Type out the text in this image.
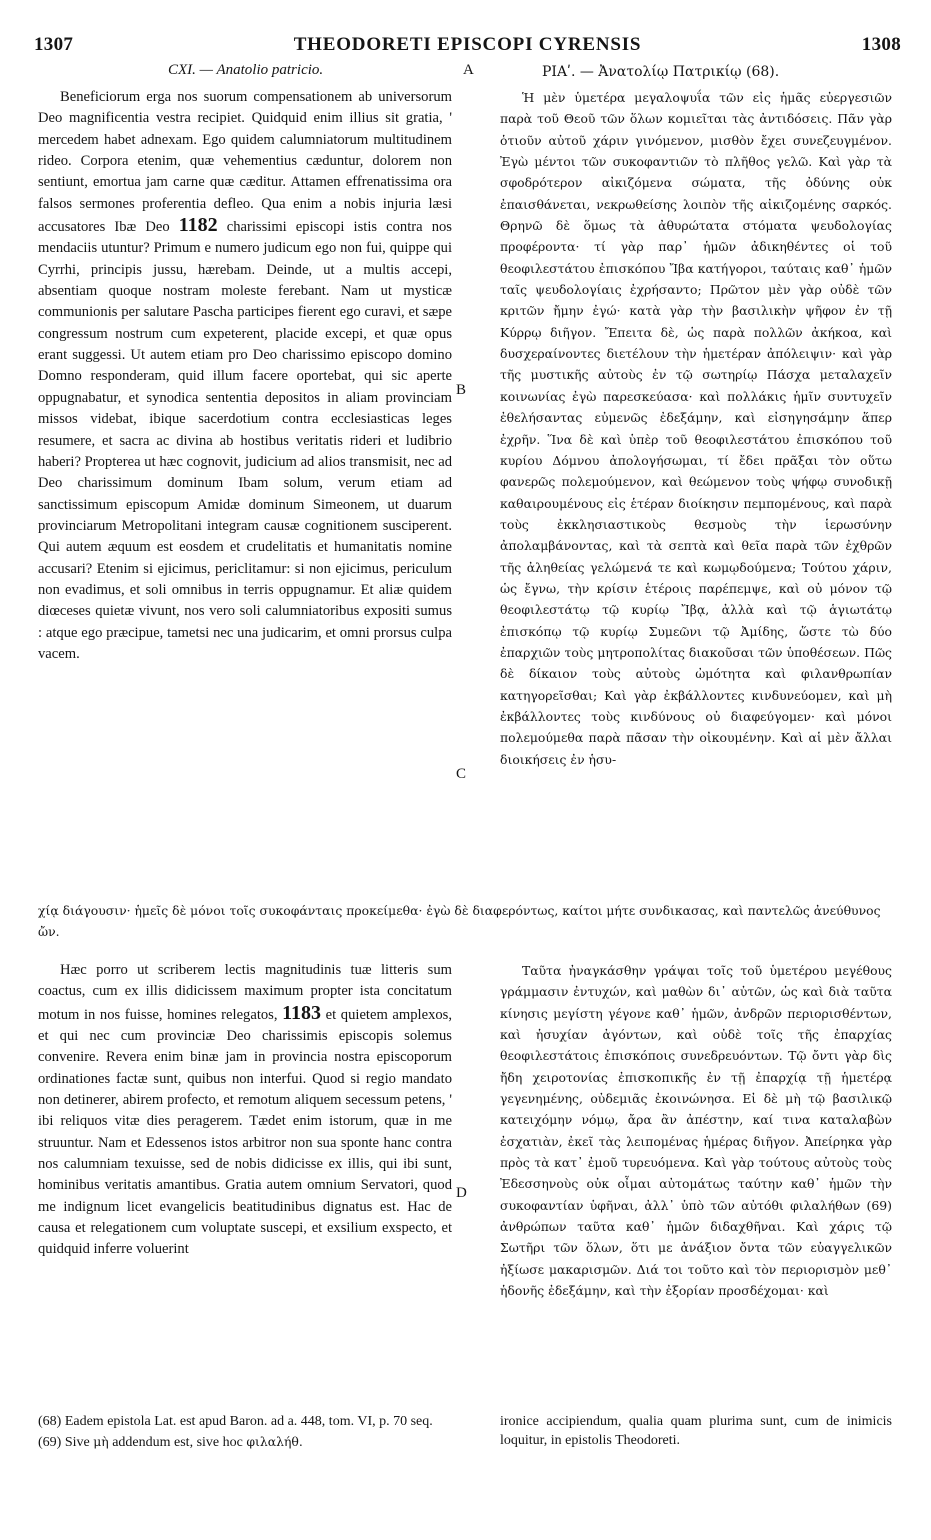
1307	THEODORETI EPISCOPI CYRENSIS	1308
CXI. — Anatolio patricio.	A	ΡΙΑʹ. — Ἀνατολίῳ Πατρικίῳ (68).

Beneficiorum erga nos suorum compensationem ab universorum Deo magnificentia vestra recipiet. Quidquid enim illius sit gratia, ' mercedem habet adnexam. Ego quidem calumniatorum multitudinem rideo. Corpora etenim, quæ vehementius cæduntur, dolorem non sentiunt, emortua jam carne quæ cæditur. Attamen effrenatissima ora falsos sermones proferentia defleo. Qua enim a nobis injuria læsi accusatores Ibæ Deo 1182 charissimi episcopi istis contra nos mendaciis utuntur? Primum e numero judicum ego non fui, quippe qui Cyrrhi, principis jussu, hærebam. Deinde, ut a multis accepi, absentiam quoque nostram moleste ferebant. Nam ut mysticæ communionis per salutare Pascha participes fierent ego curavi, et sæpe congressum nostrum cum expeterent, placide excepi, et quæ opus erant suggessi. Ut autem etiam pro Deo charissimo episcopo domino Domno responderam, quid illum facere oportebat, qui sic aperte oppugnabatur, et synodica sententia depositos in aliam provinciam missos videbat, ibique sacerdotium contra ecclesiasticas leges resumere, et sacra ac divina ab hostibus veritatis rideri et ludibrio haberi? Propterea ut hæc cognovit, judicium ad alios transmisit, nec ad Deo charissimum dominum Ibam solum, verum etiam ad sanctissimum episcopum Amidæ dominum Simeonem, ut duarum provinciarum Metropolitani integram causæ cognitionem susciperent. Qui autem æquum est eosdem et crudelitatis et humanitatis nomine accusari? Etenim si ejicimus, periclitamur: si non ejicimus, periculum non evadimus, et soli omnibus in terris oppugnamur. Et aliæ quidem diœceses quietæ vivunt, nos vero soli calumniatoribus expositi sumus : atque ego præcipue, tametsi nec una judicarim, et omni prorsus culpa vacem.

Ἡ μὲν ὑμετέρα μεγαλοψυΐα τῶν εἰς ἡμᾶς εὐεργεσιῶν παρὰ τοῦ Θεοῦ τῶν ὅλων κομιεῖται τὰς ἀντιδόσεις. Πᾶν γὰρ ὁτιοῦν αὐτοῦ χάριν γινόμενον, μισθὸν ἔχει συνεζευγμένον. Ἐγὼ μέντοι τῶν συκοφαντιῶν τὸ πλῆθος γελῶ. Καὶ γὰρ τὰ σφοδρότερον αἰκιζόμενα σώματα, τῆς ὀδύνης οὐκ ἐπαισθάνεται, νεκρωθείσης λοιπὸν τῆς αἰκιζομένης σαρκός. Θρηνῶ δὲ ὅμως τὰ ἀθυρώτατα στόματα ψευδολογίας προφέροντα· τί γὰρ παρ᾿ ἡμῶν ἀδικηθέντες οἱ τοῦ θεοφιλεστάτου ἐπισκόπου Ἴβα κατήγοροι, ταύταις καθ᾿ ἡμῶν ταῖς ψευδολογίαις ἐχρήσαντο; Πρῶτον μὲν γὰρ οὐδὲ τῶν κριτῶν ἤμην ἐγώ· κατὰ γὰρ τὴν βασιλικὴν ψῆφον ἐν τῇ Κύρρῳ διῆγον. Ἔπειτα δὲ, ὡς παρὰ πολλῶν ἀκήκοα, καὶ δυσχεραίνοντες διετέλουν τὴν ἡμετέραν ἀπόλειψιν· καὶ γὰρ τῆς μυστικῆς αὐτοὺς ἐν τῷ σωτηρίῳ Πάσχα μεταλαχεῖν κοινωνίας ἐγὼ παρεσκεύασα· καὶ πολλάκις ἡμῖν συντυχεῖν ἐθελήσαντας εὐμενῶς ἐδεξάμην, καὶ εἰσηγησάμην ἅπερ ἐχρῆν. Ἵνα δὲ καὶ ὑπὲρ τοῦ θεοφιλεστάτου ἐπισκόπου τοῦ κυρίου Δόμνου ἀπολογήσωμαι, τί ἔδει πρᾶξαι τὸν οὕτω φανερῶς πολεμούμενον, καὶ θεώμενον τοὺς ψήφῳ συνοδικῇ καθαιρουμένους εἰς ἑτέραν διοίκησιν πεμπομένους, καὶ παρὰ τοὺς ἐκκλησιαστικοὺς θεσμοὺς τὴν ἱερωσύνην ἀπολαμβάνοντας, καὶ τὰ σεπτὰ καὶ θεῖα παρὰ τῶν ἐχθρῶν τῆς ἀληθείας γελώμενά τε καὶ κωμῳδούμενα; Τούτου χάριν, ὡς ἔγνω, τὴν κρίσιν ἑτέροις παρέπεμψε, καὶ οὐ μόνον τῷ θεοφιλεστάτῳ τῷ κυρίῳ Ἴβᾳ, ἀλλὰ καὶ τῷ ἁγιωτάτῳ ἐπισκόπῳ τῷ κυρίῳ Συμεῶνι τῷ Ἀμίδης, ὥστε τὼ δύο ἐπαρχιῶν τοὺς μητροπολίτας διακοῦσαι τῶν ὑποθέσεων. Πῶς δὲ δίκαιον τοὺς αὐτοὺς ὠμότητα καὶ φιλανθρωπίαν κατηγορεῖσθαι; Καὶ γὰρ ἐκβάλλοντες κινδυνεύομεν, καὶ μὴ ἐκβάλλοντες τοὺς κινδύνους οὐ διαφεύγομεν· καὶ μόνοι πολεμούμεθα παρὰ πᾶσαν τὴν οἰκουμένην. Καὶ αἱ μὲν ἄλλαι διοικήσεις ἐν ἡσυ-

B
C
χίᾳ διάγουσιν· ἡμεῖς δὲ μόνοι τοῖς συκοφάνταις προκείμεθα· ἐγὼ δὲ διαφερόντως, καίτοι μήτε συνδικασας, καὶ παντελῶς ἀνεύθυνος ὤν.

Hæc porro ut scriberem lectis magnitudinis tuæ litteris sum coactus, cum ex illis didicissem maximum propter ista concitatum motum in nos fuisse, homines relegatos, 1183 et quietem amplexos, et qui nec cum provinciæ Deo charissimis episcopis solemus convenire. Revera enim binæ jam in provincia nostra episcoporum ordinationes factæ sunt, quibus non interfui. Quod si regio mandato non detinerer, abirem profecto, et remotum aliquem secessum petens, ' ibi reliquos vitæ dies peragerem. Tædet enim istorum, quæ in me struuntur. Nam et Edessenos istos arbitror non sua sponte hanc contra nos calumniam texuisse, sed de nobis didicisse ex illis, qui ibi sunt, hominibus veritatis amantibus. Gratia autem omnium Servatori, quod me indignum licet evangelicis beatitudinibus dignatus est. Hac de causa et relegationem cum voluptate suscepi, et exsilium exspecto, et quidquid inferre voluerint

Ταῦτα ἠναγκάσθην γράψαι τοῖς τοῦ ὑμετέρου μεγέθους γράμμασιν ἐντυχών, καὶ μαθὼν δι᾿ αὐτῶν, ὡς καὶ διὰ ταῦτα κίνησις μεγίστη γέγονε καθ᾿ ἡμῶν, ἀνδρῶν περιορισθέντων, καὶ ἡσυχίαν ἀγόντων, καὶ οὐδὲ τοῖς τῆς ἐπαρχίας θεοφιλεστάτοις ἐπισκόποις συνεδρευόντων. Τῷ ὄντι γὰρ δὶς ἤδη χειροτονίας ἐπισκοπικῆς ἐν τῇ ἐπαρχίᾳ τῇ ἡμετέρᾳ γεγενημένης, οὐδεμιᾶς ἐκοινώνησα. Εἰ δὲ μὴ τῷ βασιλικῷ κατειχόμην νόμῳ, ἄρα ἂν ἀπέστην, καί τινα καταλαβὼν ἐσχατιὰν, ἐκεῖ τὰς λειπομένας ἡμέρας διῆγον. Ἀπείρηκα γὰρ πρὸς τὰ κατ᾿ ἐμοῦ τυρευόμενα. Καὶ γὰρ τούτους αὐτοὺς τοὺς Ἐδεσσηνοὺς οὐκ οἶμαι αὐτομάτως ταύτην καθ᾿ ἡμῶν τὴν συκοφαντίαν ὑφῆναι, ἀλλ᾿ ὑπὸ τῶν αὐτόθι φιλαλήθων (69) ἀνθρώπων ταῦτα καθ᾿ ἡμῶν διδαχθῆναι. Καὶ χάρις τῷ Σωτῆρι τῶν ὅλων, ὅτι με ἀνάξιον ὄντα τῶν εὐαγγελικῶν ἠξίωσε μακαρισμῶν. Διά τοι τοῦτο καὶ τὸν περιορισμὸν μεθ᾿ ἡδονῆς ἐδεξάμην, καὶ τὴν ἐξορίαν προσδέχομαι· καὶ

D

(68) Eadem epistola Lat. est apud Baron. ad a. 448, tom. VI, p. 70 seq.

(69) Sive μὴ addendum est, sive hoc φιλαλήθ.

ironice accipiendum, qualia quam plurima sunt, cum de inimicis loquitur, in epistolis Theodoreti.
